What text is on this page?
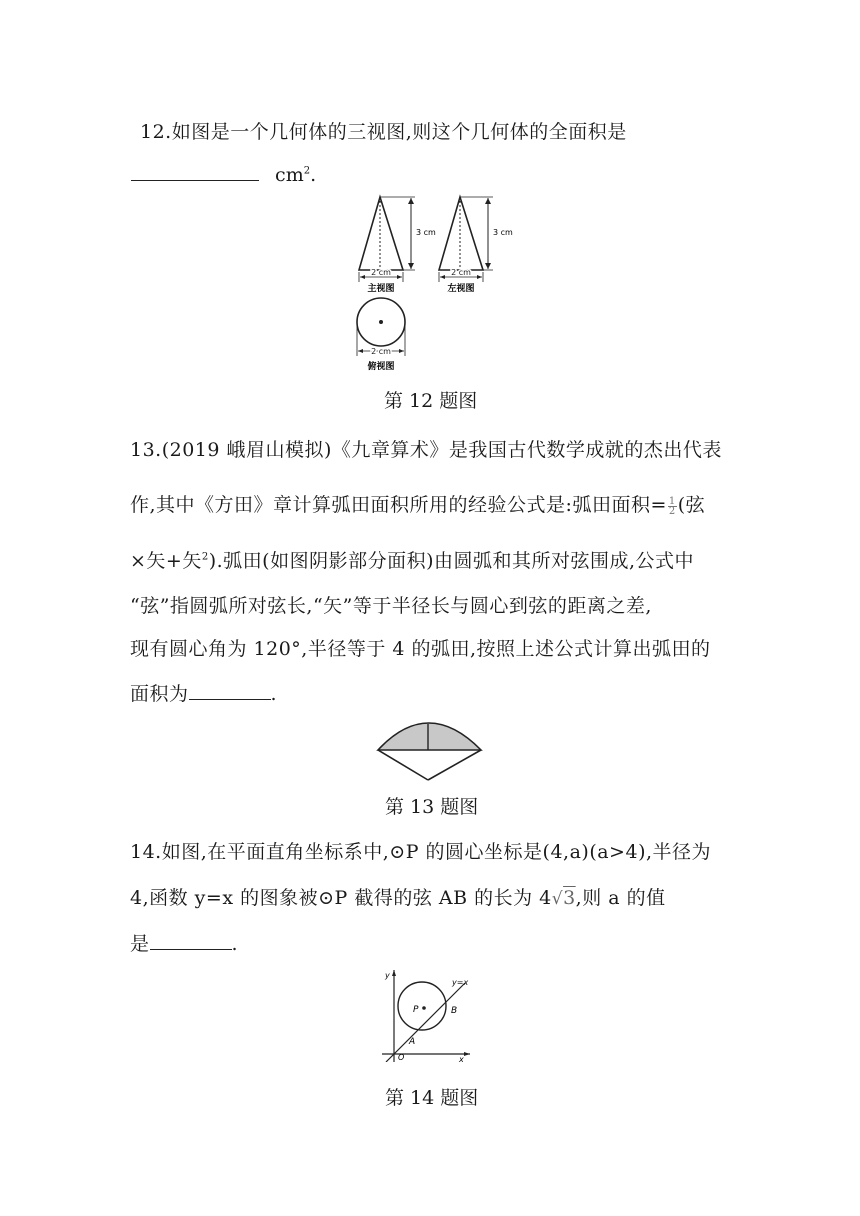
12.如图是一个几何体的三视图,则这个几何体的全面积是
$cm^2$.
3 cm
2 cm
主视图
3 cm
2 cm
左视图
2 cm
俯视图
第 12 题图
13.(2019 峨眉山模拟)《九章算术》是我国古代数学成就的杰出代表
作,其中《方田》章计算弧田面积所用的经验公式是:弧田面积= $\frac{1}{2}$ (弦
×矢+矢$^2$).弧田(如图阴影部分面积)由圆弧和其所对弦围成,公式中
“弦”指圆弧所对弦长,“矢”等于半径长与圆心到弦的距离之差,
现有圆心角为 120°,半径等于 4 的弧田,按照上述公式计算出弧田的
面积为	.
第 13 题图
14.如图,在平面直角坐标系中,⊙P 的圆心坐标是(4,a)(a>4),半径为
4,函数 y=x 的图象被⊙P 截得的弦 AB 的长为 4√3,则 a 的值
是	.
y
x
y=x
P	B
A
O
第 14 题图
